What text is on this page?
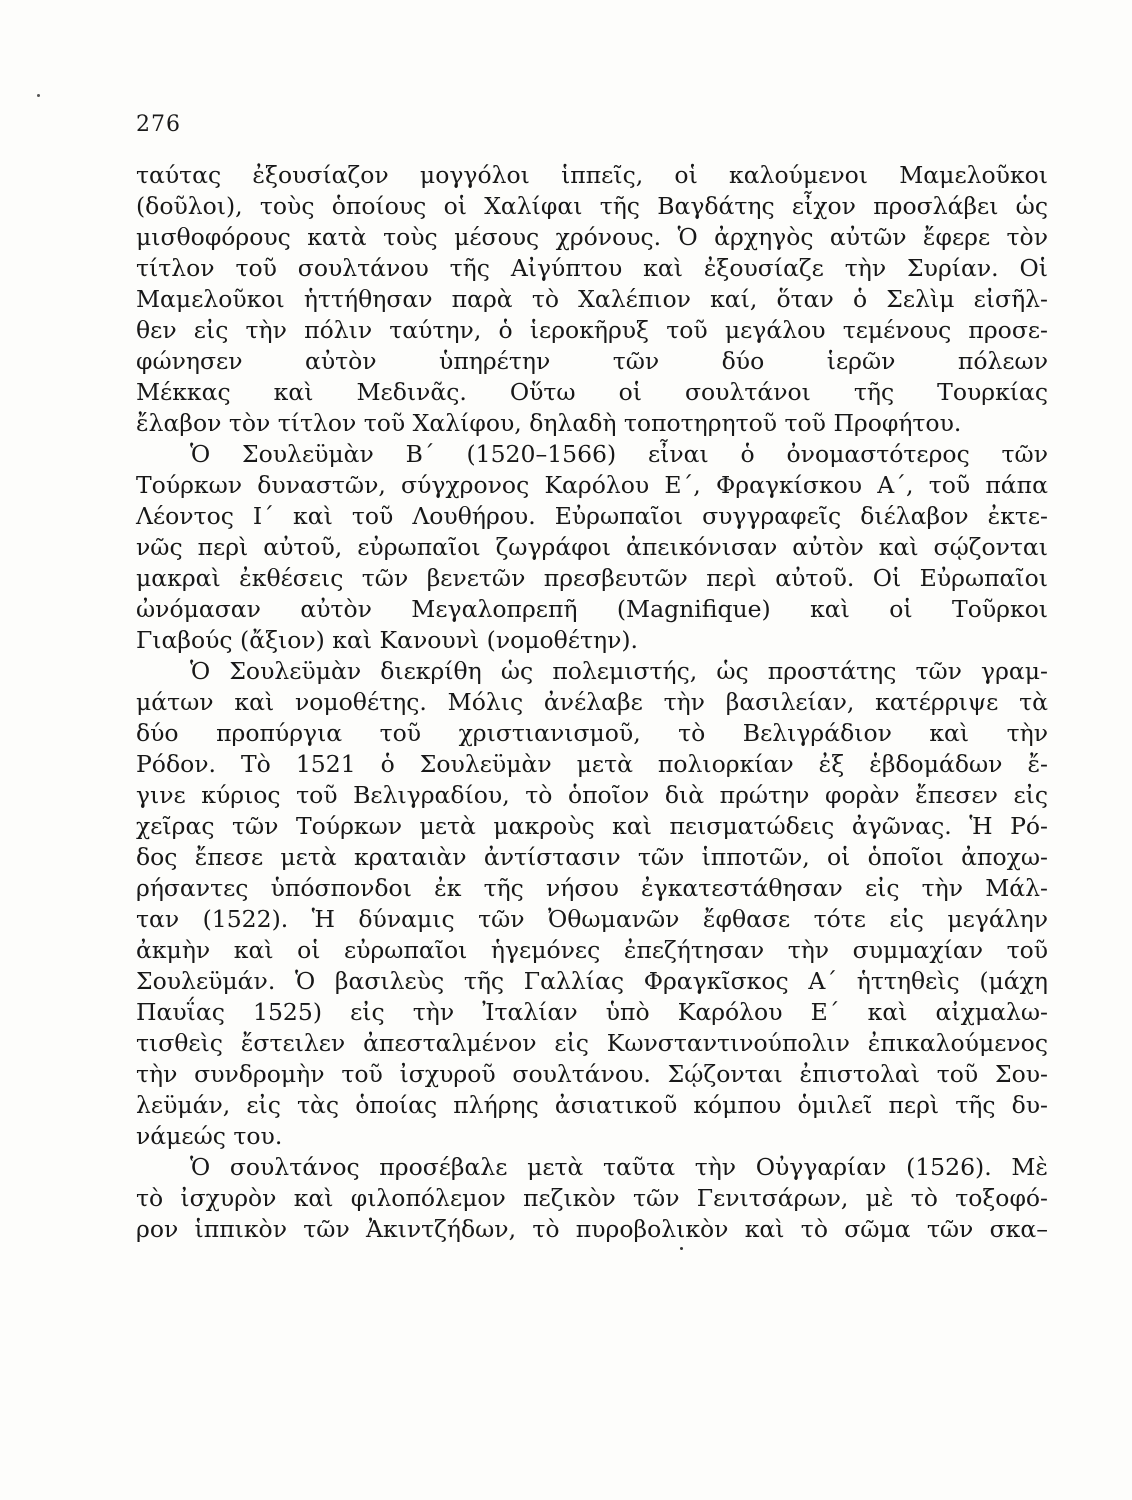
276
ταύτας ἐξουσίαζον μογγόλοι ἱππεῖς, οἱ καλούμενοι Μαμελοῦκοι
(δοῦλοι), τοὺς ὁποίους οἱ Χαλίφαι τῆς Βαγδάτης εἶχον προσλάβει ὡς
μισθοφόρους κατὰ τοὺς μέσους χρόνους. Ὁ ἀρχηγὸς αὐτῶν ἔφερε τὸν
τίτλον τοῦ σουλτάνου τῆς Αἰγύπτου καὶ ἐξουσίαζε τὴν Συρίαν. Οἱ
Μαμελοῦκοι ἡττήθησαν παρὰ τὸ Χαλέπιον καί, ὅταν ὁ Σελὶμ εἰσῆλ-
θεν εἰς τὴν πόλιν ταύτην, ὁ ἱεροκῆρυξ τοῦ μεγάλου τεμένους προσε-
φώνησεν αὐτὸν ὑπηρέτην τῶν δύο ἱερῶν πόλεων
Μέκκας καὶ Μεδινᾶς. Οὕτω οἱ σουλτάνοι τῆς Τουρκίας
ἔλαβον τὸν τίτλον τοῦ Χαλίφου, δηλαδὴ τοποτηρητοῦ τοῦ Προφήτου.
Ὁ Σουλεϋμὰν Β΄ (1520–1566) εἶναι ὁ ὀνομαστότερος τῶν
Τούρκων δυναστῶν, σύγχρονος Καρόλου Ε΄, Φραγκίσκου Α΄, τοῦ πάπα
Λέοντος Ι΄ καὶ τοῦ Λουθήρου. Εὐρωπαῖοι συγγραφεῖς διέλαβον ἐκτε-
νῶς περὶ αὐτοῦ, εὐρωπαῖοι ζωγράφοι ἀπεικόνισαν αὐτὸν καὶ σῴζονται
μακραὶ ἐκθέσεις τῶν βενετῶν πρεσβευτῶν περὶ αὐτοῦ. Οἱ Εὐρωπαῖοι
ὠνόμασαν αὐτὸν Μεγαλοπρεπῆ (Magnifique) καὶ οἱ Τοῦρκοι
Γιαβούς (ἄξιον) καὶ Κανουνὶ (νομοθέτην).
Ὁ Σουλεϋμὰν διεκρίθη ὡς πολεμιστής, ὡς προστάτης τῶν γραμ-
μάτων καὶ νομοθέτης. Μόλις ἀνέλαβε τὴν βασιλείαν, κατέρριψε τὰ
δύο προπύργια τοῦ χριστιανισμοῦ, τὸ Βελιγράδιον καὶ τὴν
Ρόδον. Τὸ 1521 ὁ Σουλεϋμὰν μετὰ πολιορκίαν ἐξ ἑβδομάδων ἔ-
γινε κύριος τοῦ Βελιγραδίου, τὸ ὁποῖον διὰ πρώτην φορὰν ἔπεσεν εἰς
χεῖρας τῶν Τούρκων μετὰ μακροὺς καὶ πεισματώδεις ἀγῶνας. Ἡ Ρό-
δος ἔπεσε μετὰ κραταιὰν ἀντίστασιν τῶν ἱπποτῶν, οἱ ὁποῖοι ἀποχω-
ρήσαντες ὑπόσπονδοι ἐκ τῆς νήσου ἐγκατεστάθησαν εἰς τὴν Μάλ-
ταν (1522). Ἡ δύναμις τῶν Ὀθωμανῶν ἔφθασε τότε εἰς μεγάλην
ἀκμὴν καὶ οἱ εὐρωπαῖοι ἡγεμόνες ἐπεζήτησαν τὴν συμμαχίαν τοῦ
Σουλεϋμάν. Ὁ βασιλεὺς τῆς Γαλλίας Φραγκῖσκος Α΄ ἡττηθεὶς (μάχη
Παυΐας 1525) εἰς τὴν Ἰταλίαν ὑπὸ Καρόλου Ε΄ καὶ αἰχμαλω-
τισθεὶς ἔστειλεν ἀπεσταλμένον εἰς Κωνσταντινούπολιν ἐπικαλούμενος
τὴν συνδρομὴν τοῦ ἰσχυροῦ σουλτάνου. Σῴζονται ἐπιστολαὶ τοῦ Σου-
λεϋμάν, εἰς τὰς ὁποίας πλήρης ἀσιατικοῦ κόμπου ὁμιλεῖ περὶ τῆς δυ-
νάμεώς του.
Ὁ σουλτάνος προσέβαλε μετὰ ταῦτα τὴν Οὐγγαρίαν (1526). Μὲ
τὸ ἰσχυρὸν καὶ φιλοπόλεμον πεζικὸν τῶν Γενιτσάρων, μὲ τὸ τοξοφό-
ρον ἱππικὸν τῶν Ἀκιντζήδων, τὸ πυροβολικὸν καὶ τὸ σῶμα τῶν σκα–
